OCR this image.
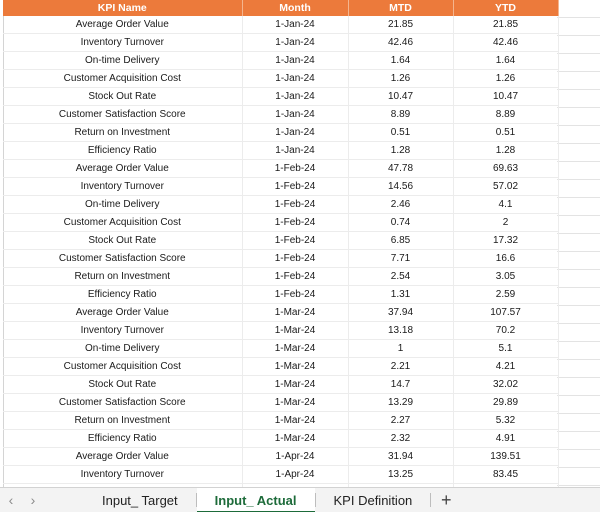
KPI Name	Month	MTD	YTD
Average Order Value	1-Jan-24	21.85	21.85
Inventory Turnover	1-Jan-24	42.46	42.46
On-time Delivery	1-Jan-24	1.64	1.64
Customer Acquisition Cost	1-Jan-24	1.26	1.26
Stock Out Rate	1-Jan-24	10.47	10.47
Customer Satisfaction Score	1-Jan-24	8.89	8.89
Return on Investment	1-Jan-24	0.51	0.51
Efficiency Ratio	1-Jan-24	1.28	1.28
Average Order Value	1-Feb-24	47.78	69.63
Inventory Turnover	1-Feb-24	14.56	57.02
On-time Delivery	1-Feb-24	2.46	4.1
Customer Acquisition Cost	1-Feb-24	0.74	2
Stock Out Rate	1-Feb-24	6.85	17.32
Customer Satisfaction Score	1-Feb-24	7.71	16.6
Return on Investment	1-Feb-24	2.54	3.05
Efficiency Ratio	1-Feb-24	1.31	2.59
Average Order Value	1-Mar-24	37.94	107.57
Inventory Turnover	1-Mar-24	13.18	70.2
On-time Delivery	1-Mar-24	1	5.1
Customer Acquisition Cost	1-Mar-24	2.21	4.21
Stock Out Rate	1-Mar-24	14.7	32.02
Customer Satisfaction Score	1-Mar-24	13.29	29.89
Return on Investment	1-Mar-24	2.27	5.32
Efficiency Ratio	1-Mar-24	2.32	4.91
Average Order Value	1-Apr-24	31.94	139.51
Inventory Turnover	1-Apr-24	13.25	83.45

‹	›	Input_ Target	Input_ Actual	KPI Definition	+
